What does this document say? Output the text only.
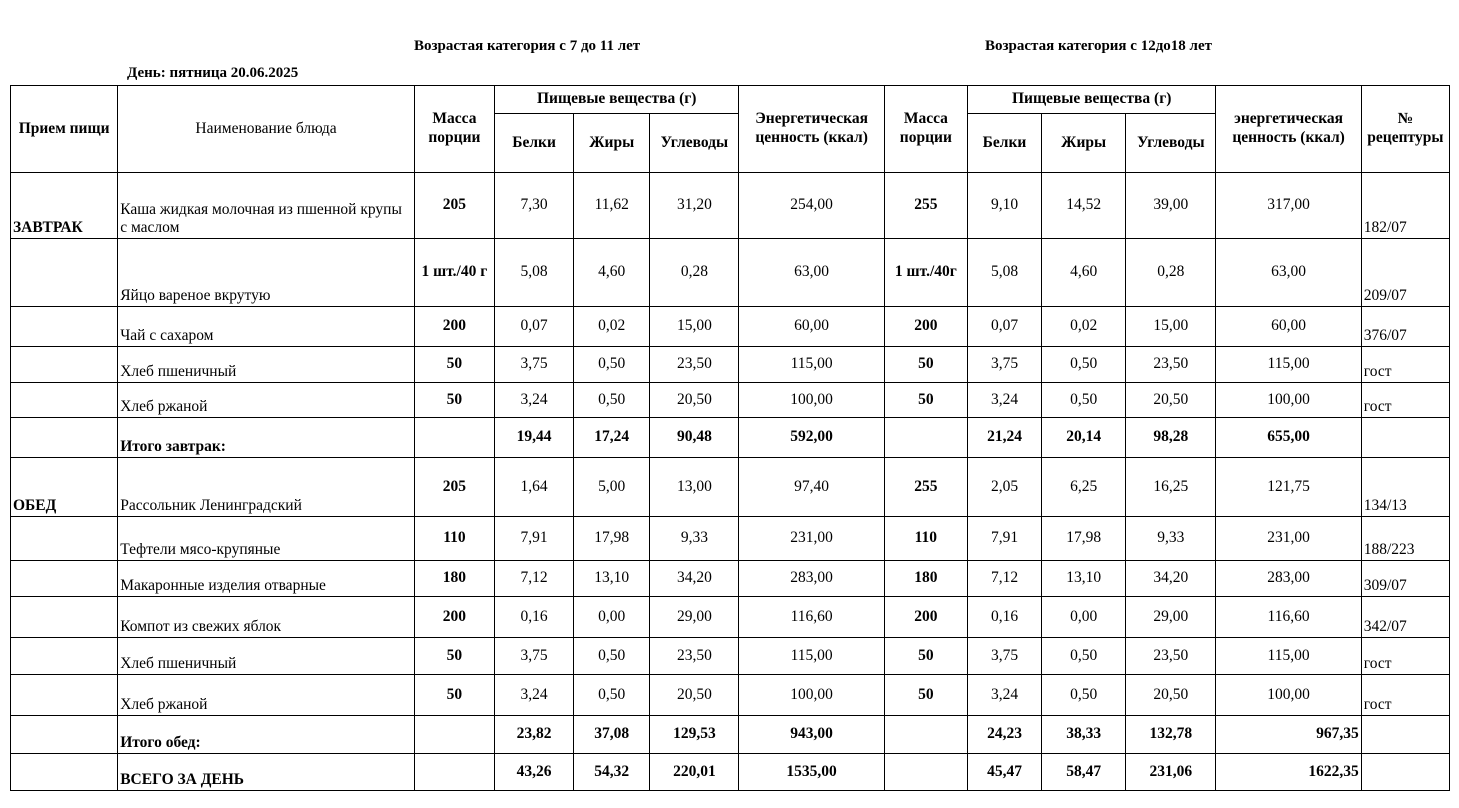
Возрастая категория с 7 до 11 лет	Возрастая категория с 12до18 лет
День: пятница 20.06.2025
Прием пищи	Наименование блюда	Масса порции	Пищевые вещества (г)			Энергетическая ценность (ккал)	Масса порции	Пищевые вещества (г)			энергетическая ценность (ккал)	№ рецептуры
			Белки	Жиры	Углеводы			Белки	Жиры	Углеводы		
ЗАВТРАК	Каша жидкая молочная из пшенной крупы с маслом	205	7,30	11,62	31,20	254,00	255	9,10	14,52	39,00	317,00	182/07
	Яйцо вареное вкрутую	1 шт./40 г	5,08	4,60	0,28	63,00	1 шт./40г	5,08	4,60	0,28	63,00	209/07
	Чай с сахаром	200	0,07	0,02	15,00	60,00	200	0,07	0,02	15,00	60,00	376/07
	Хлеб пшеничный	50	3,75	0,50	23,50	115,00	50	3,75	0,50	23,50	115,00	гост
	Хлеб ржаной	50	3,24	0,50	20,50	100,00	50	3,24	0,50	20,50	100,00	гост
	Итого завтрак:		19,44	17,24	90,48	592,00		21,24	20,14	98,28	655,00	
ОБЕД	Рассольник Ленинградский	205	1,64	5,00	13,00	97,40	255	2,05	6,25	16,25	121,75	134/13
	Тефтели мясо-крупяные	110	7,91	17,98	9,33	231,00	110	7,91	17,98	9,33	231,00	188/223
	Макаронные изделия отварные	180	7,12	13,10	34,20	283,00	180	7,12	13,10	34,20	283,00	309/07
	Компот из свежих яблок	200	0,16	0,00	29,00	116,60	200	0,16	0,00	29,00	116,60	342/07
	Хлеб пшеничный	50	3,75	0,50	23,50	115,00	50	3,75	0,50	23,50	115,00	гост
	Хлеб ржаной	50	3,24	0,50	20,50	100,00	50	3,24	0,50	20,50	100,00	гост
	Итого обед:		23,82	37,08	129,53	943,00		24,23	38,33	132,78	967,35	
	ВСЕГО ЗА ДЕНЬ		43,26	54,32	220,01	1535,00		45,47	58,47	231,06	1622,35	
